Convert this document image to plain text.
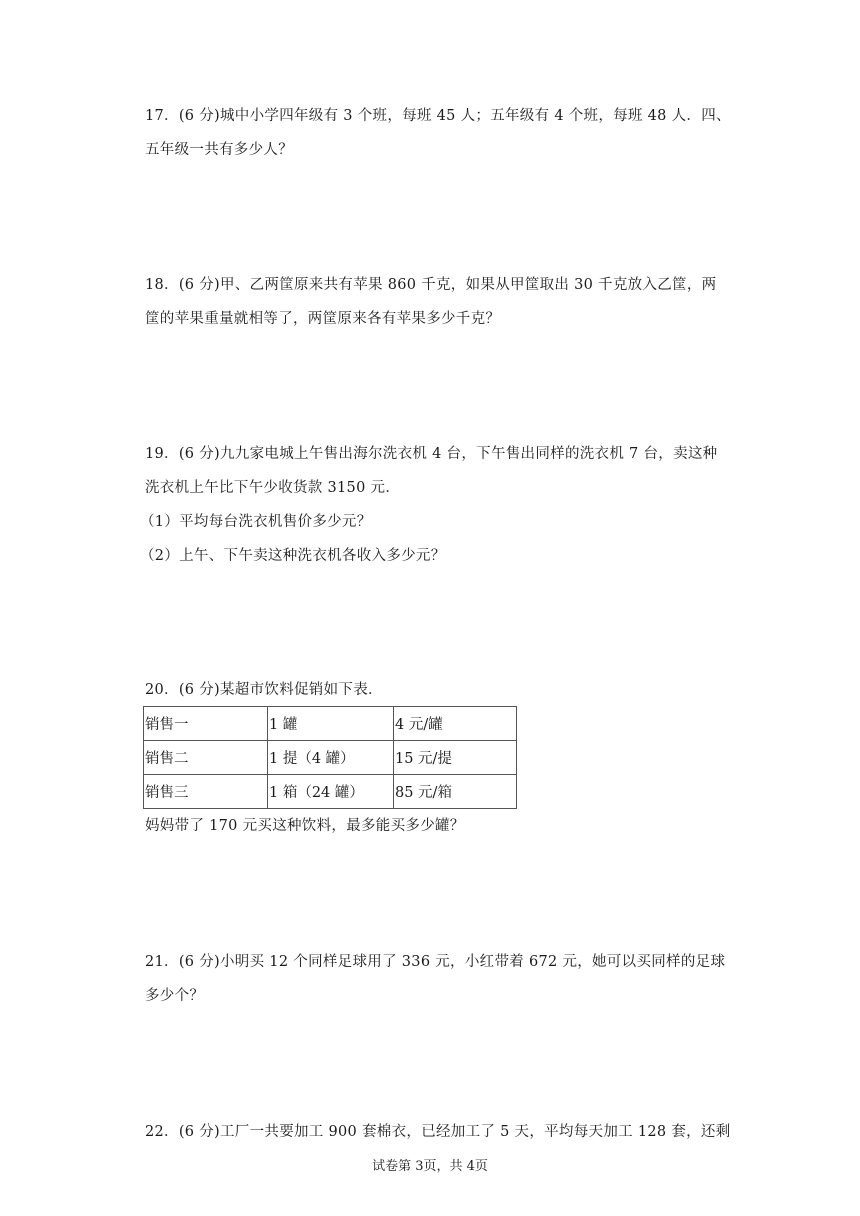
17．(6 分)城中小学四年级有 3 个班，每班 45 人；五年级有 4 个班，每班 48 人．四、
五年级一共有多少人？
18．(6 分)甲、乙两筐原来共有苹果 860 千克，如果从甲筐取出 30 千克放入乙筐，两
筐的苹果重量就相等了，两筐原来各有苹果多少千克？
19．(6 分)九九家电城上午售出海尔洗衣机 4 台，下午售出同样的洗衣机 7 台，卖这种
洗衣机上午比下午少收货款 3150 元．
（1）平均每台洗衣机售价多少元？
（2）上午、下午卖这种洗衣机各收入多少元？
20．(6 分)某超市饮料促销如下表．
销售一	1 罐	4 元/罐
销售二	1 提（4 罐）	15 元/提
销售三	1 箱（24 罐）	85 元/箱
妈妈带了 170 元买这种饮料，最多能买多少罐？
21．(6 分)小明买 12 个同样足球用了 336 元，小红带着 672 元，她可以买同样的足球
多少个？
22．(6 分)工厂一共要加工 900 套棉衣，已经加工了 5 天，平均每天加工 128 套，还剩
试卷第 3页，共 4页
